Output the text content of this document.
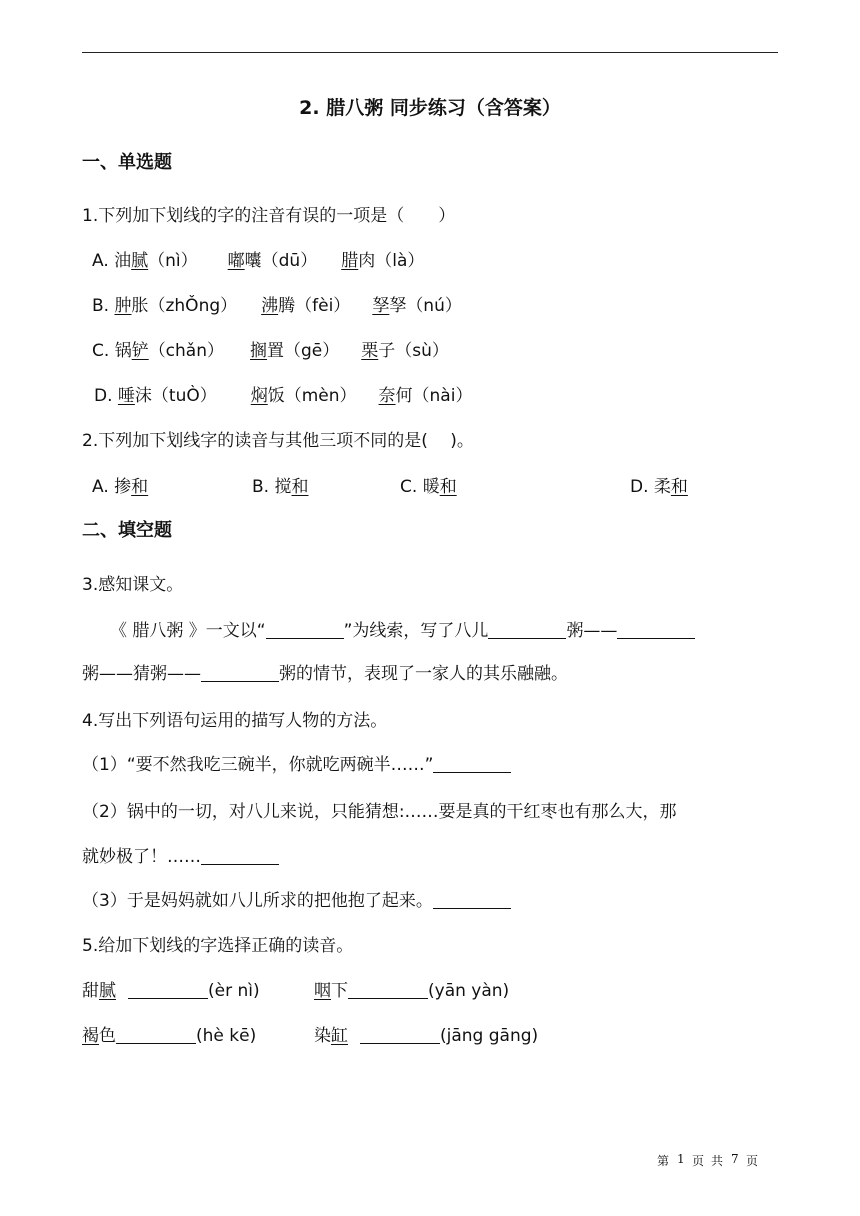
2. 腊八粥 同步练习（含答案）
一、单选题
1.下列加下划线的字的注音有误的一项是（　　）
A. 油腻（nì） 嘟囔（dū） 腊肉（là）
B. 肿胀（zhǑng） 沸腾（fèi） 孥孥（nú）
C. 锅铲（chǎn） 搁置（gē） 栗子（sù）
D. 唾沫（tuÒ） 焖饭（mèn） 奈何（nài）
2.下列加下划线字的读音与其他三项不同的是(　 )。
A. 掺和	B. 搅和	C. 暖和	D. 柔和
二、填空题
3.感知课文。
《 腊八粥 》一文以“	”为线索，写了八儿	粥——
粥——猜粥——	粥的情节，表现了一家人的其乐融融。
4.写出下列语句运用的描写人物的方法。
（1）“要不然我吃三碗半，你就吃两碗半……”
（2）锅中的一切，对八儿来说，只能猜想:……要是真的干红枣也有那么大，那
就妙极了！……
（3）于是妈妈就如八儿所求的把他抱了起来。
5.给加下划线的字选择正确的读音。
甜腻	(èr nì)	咽下	(yān yàn)
褐色	(hè kē)	染缸	(jāng gāng)
第 1 页 共 7 页
